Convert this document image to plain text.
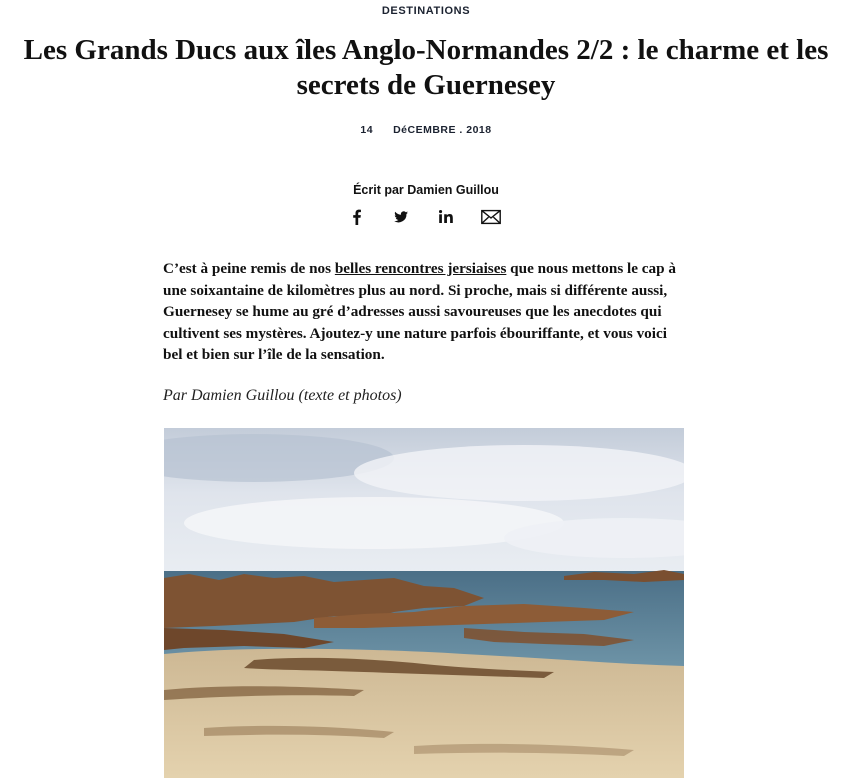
DESTINATIONS
Les Grands Ducs aux îles Anglo-Normandes 2/2 : le charme et les secrets de Guernesey
14 DéCEMBRE . 2018
Écrit par Damien Guillou

C’est à peine remis de nos belles rencontres jersiaises que nous mettons le cap à une soixantaine de kilomètres plus au nord. Si proche, mais si différente aussi, Guernesey se hume au gré d’adresses aussi savoureuses que les anecdotes qui cultivent ses mystères. Ajoutez-y une nature parfois ébouriffante, et vous voici bel et bien sur l’île de la sensation.

Par Damien Guillou (texte et photos)
